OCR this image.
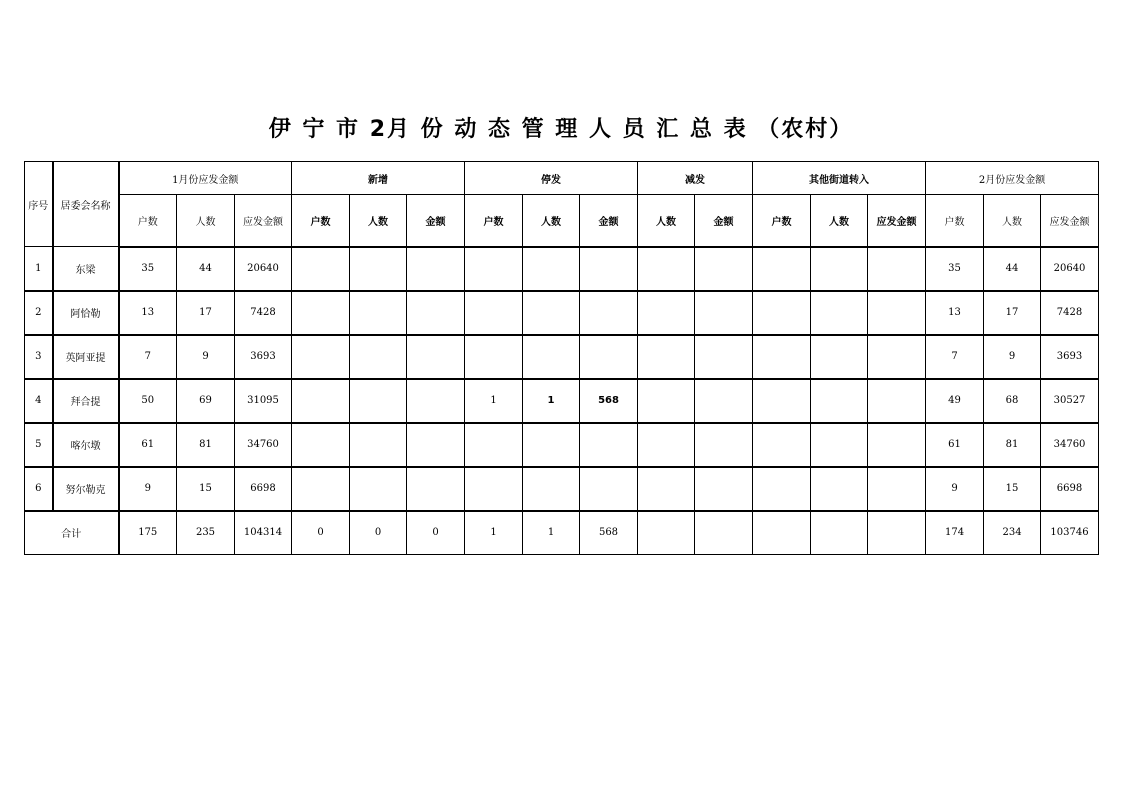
伊 宁 市 2月 份 动 态 管 理 人 员 汇 总 表 （农村）
序号	居委会名称	1月份应发金额			新增			停发			减发		其他街道转入			2月份应发金额		
		户数	人数	应发金额	户数	人数	金额	户数	人数	金额	人数	金额	户数	人数	应发金额	户数	人数	应发金额
1	东梁	35	44	20640												35	44	20640
2	阿恰勒	13	17	7428												13	17	7428
3	英阿亚提	7	9	3693												7	9	3693
4	拜合提	50	69	31095				1	1	568						49	68	30527
5	喀尔墩	61	81	34760												61	81	34760
6	努尔勒克	9	15	6698												9	15	6698
合计		175	235	104314	0	0	0	1	1	568						174	234	103746
